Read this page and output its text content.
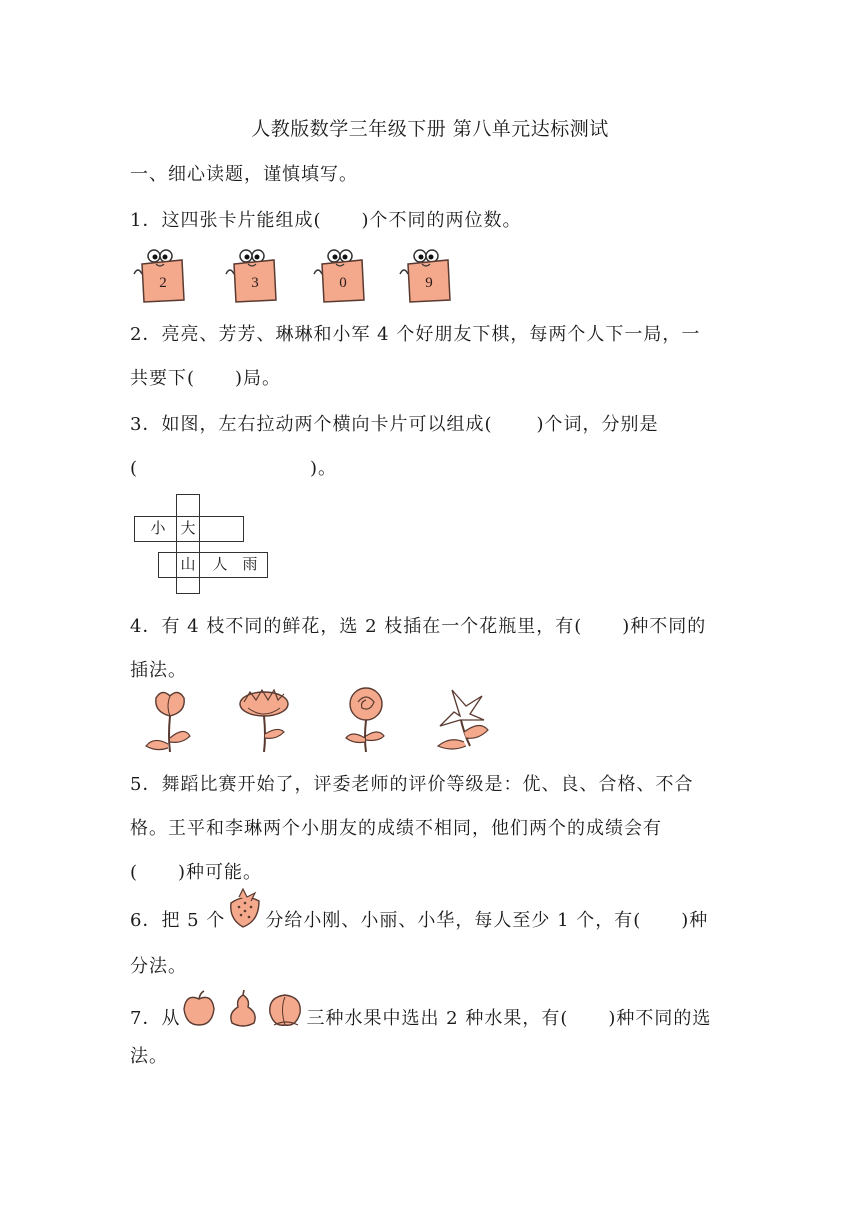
人教版数学三年级下册 第八单元达标测试
一、细心读题，谨慎填写。
1．这四张卡片能组成( )个不同的两位数。
2	3	0	9
2．亮亮、芳芳、琳琳和小军 4 个好朋友下棋，每两个人下一局，一
共要下( )局。
3．如图，左右拉动两个横向卡片可以组成( )个词，分别是
(	)。
大
小
山	人 雨
4．有 4 枝不同的鲜花，选 2 枝插在一个花瓶里，有( )种不同的
插法。
5．舞蹈比赛开始了，评委老师的评价等级是：优、良、合格、不合
格。王平和李琳两个小朋友的成绩不相同，他们两个的成绩会有
( )种可能。
6．把 5 个 分给小刚、小丽、小华，每人至少 1 个，有( )种
分法。
7．从	三种水果中选出 2 种水果，有( )种不同的选
法。
